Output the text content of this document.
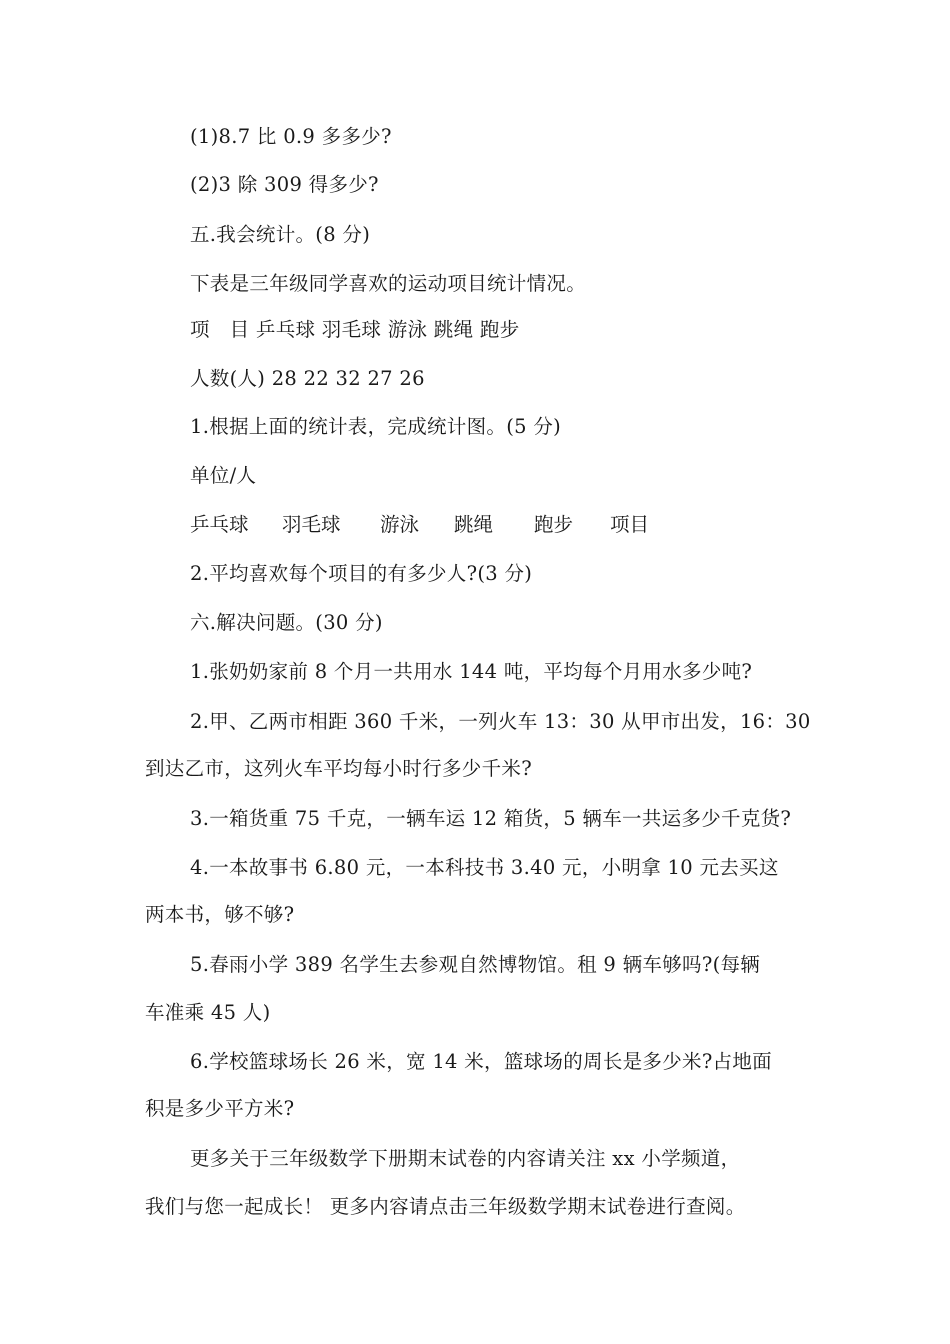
(1)8.7 比 0.9 多多少?
(2)3 除 309 得多少?
五.我会统计。(8 分)
下表是三年级同学喜欢的运动项目统计情况。
项　目 乒乓球 羽毛球 游泳 跳绳 跑步
人数(人) 28 22 32 27 26
1.根据上面的统计表，完成统计图。(5 分)
单位/人
乒乓球 羽毛球 游泳 跳绳 跑步 项目
2.平均喜欢每个项目的有多少人?(3 分)
六.解决问题。(30 分)
1.张奶奶家前 8 个月一共用水 144 吨，平均每个月用水多少吨?
2.甲、乙两市相距 360 千米，一列火车 13：30 从甲市出发，16：30
到达乙市，这列火车平均每小时行多少千米?
3.一箱货重 75 千克，一辆车运 12 箱货，5 辆车一共运多少千克货?
4.一本故事书 6.80 元，一本科技书 3.40 元，小明拿 10 元去买这
两本书，够不够?
5.春雨小学 389 名学生去参观自然博物馆。租 9 辆车够吗?(每辆
车准乘 45 人)
6.学校篮球场长 26 米，宽 14 米，篮球场的周长是多少米?占地面
积是多少平方米?
更多关于三年级数学下册期末试卷的内容请关注 xx 小学频道，
我们与您一起成长！ 更多内容请点击三年级数学期末试卷进行查阅。
